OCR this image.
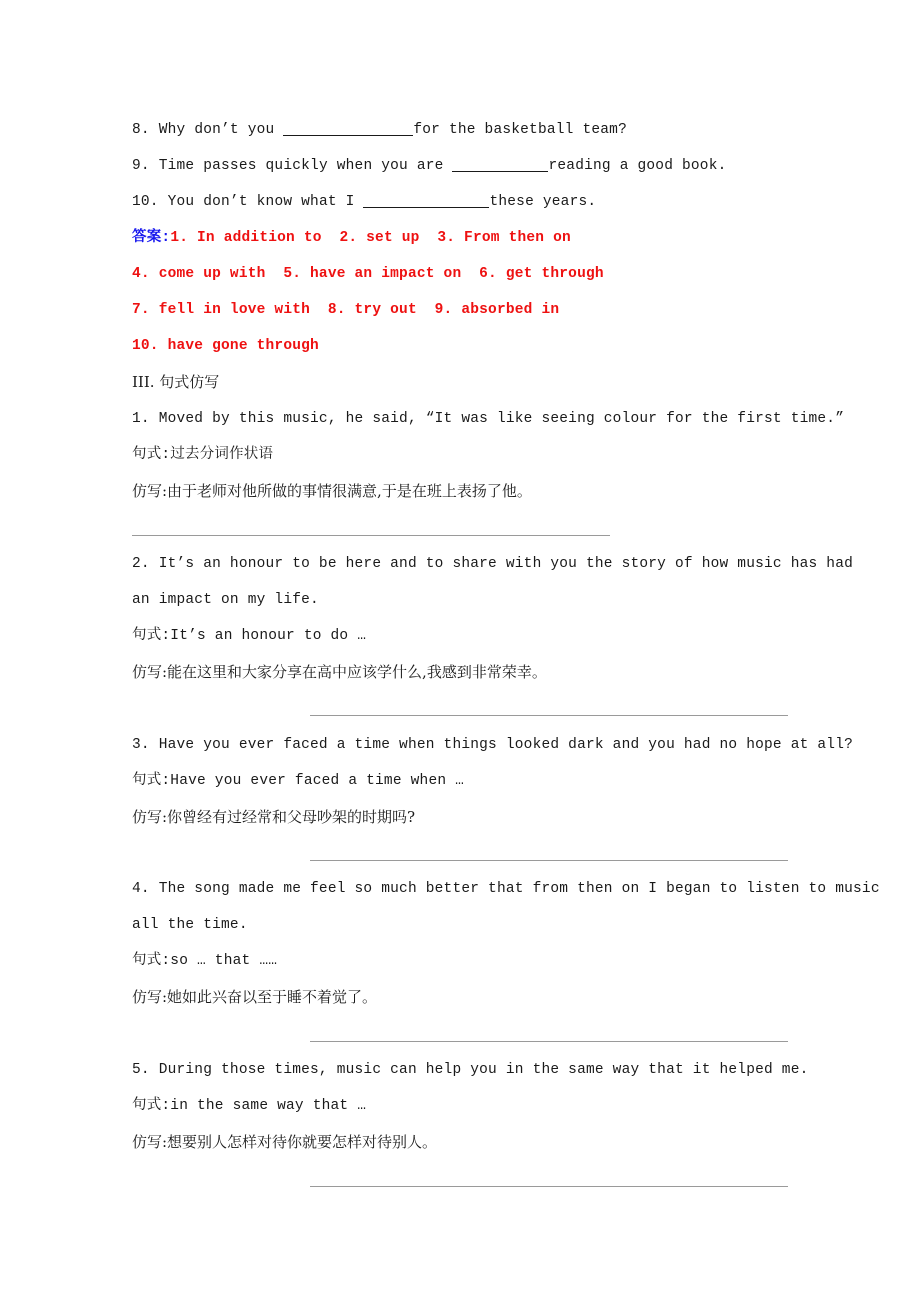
8. Why don’t you	for the basketball team?
9. Time passes quickly when you are	reading a good book.
10. You don’t know what I	these years.
答案:1. In addition to  2. set up  3. From then on
4. come up with  5. have an impact on  6. get through
7. fell in love with  8. try out  9. absorbed in
10. have gone through
III. 句式仿写
1. Moved by this music, he said, “It was like seeing colour for the first time.”
句式:过去分词作状语
仿写:由于老师对他所做的事情很满意,于是在班上表扬了他。
2. It’s an honour to be here and to share with you the story of how music has had
an impact on my life.
句式:It’s an honour to do …
仿写:能在这里和大家分享在高中应该学什么,我感到非常荣幸。
3. Have you ever faced a time when things looked dark and you had no hope at all?
句式:Have you ever faced a time when …
仿写:你曾经有过经常和父母吵架的时期吗?
4. The song made me feel so much better that from then on I began to listen to music
all the time.
句式:so … that ……
仿写:她如此兴奋以至于睡不着觉了。
5. During those times, music can help you in the same way that it helped me.
句式:in the same way that …
仿写:想要别人怎样对待你就要怎样对待别人。
